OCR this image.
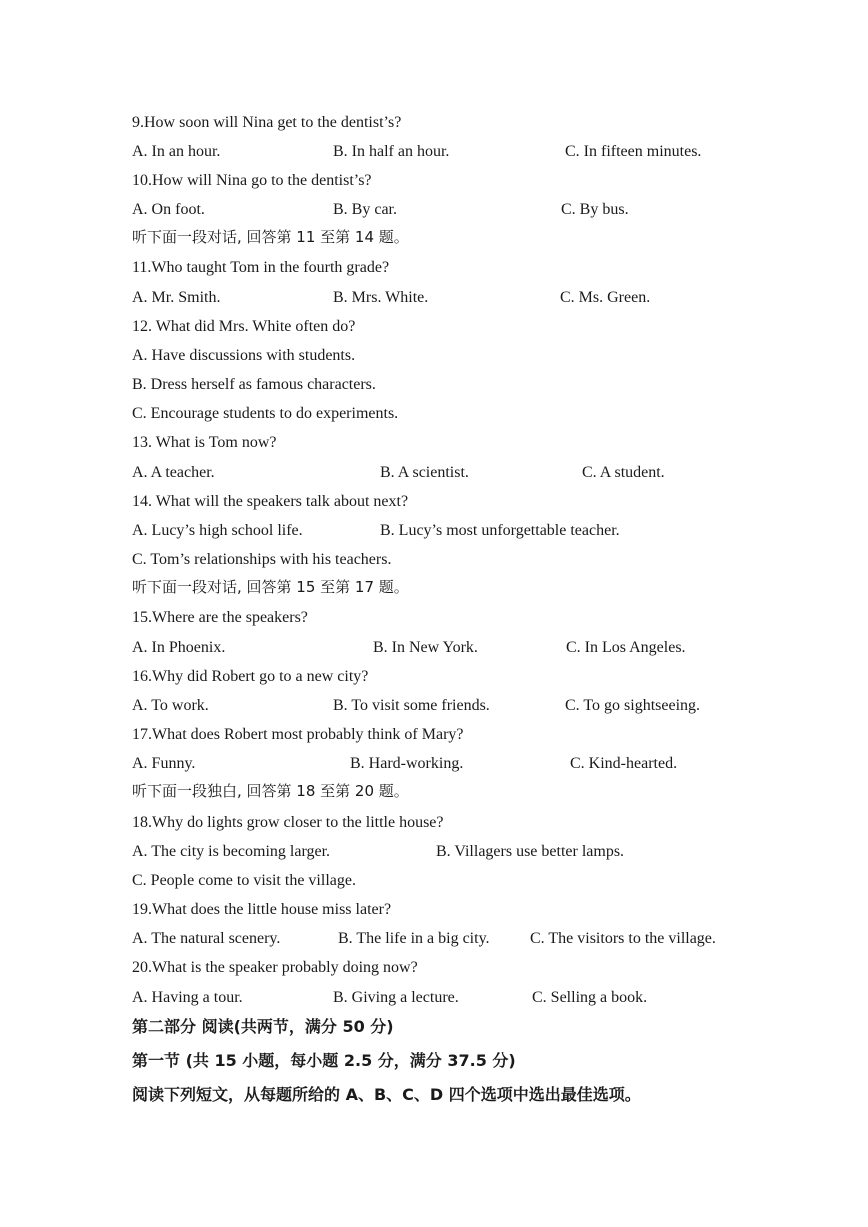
9.How soon will Nina get to the dentist’s?
A. In an hour.	B. In half an hour.	C. In fifteen minutes.
10.How will Nina go to the dentist’s?
A. On foot.	B. By car.	C. By bus.
听下面一段对话, 回答第 11 至第 14 题。
11.Who taught Tom in the fourth grade?
A. Mr. Smith.	B. Mrs. White.	C. Ms. Green.
12. What did Mrs. White often do?
A. Have discussions with students.
B. Dress herself as famous characters.
C. Encourage students to do experiments.
13. What is Tom now?
A. A teacher.	B. A scientist.	C. A student.
14. What will the speakers talk about next?
A. Lucy’s high school life.	B. Lucy’s most unforgettable teacher.
C. Tom’s relationships with his teachers.
听下面一段对话, 回答第 15 至第 17 题。
15.Where are the speakers?
A. In Phoenix.	B. In New York.	C. In Los Angeles.
16.Why did Robert go to a new city?
A. To work.	B. To visit some friends.	C. To go sightseeing.
17.What does Robert most probably think of Mary?
A. Funny.	B. Hard-working.	C. Kind-hearted.
听下面一段独白, 回答第 18 至第 20 题。
18.Why do lights grow closer to the little house?
A. The city is becoming larger.	B. Villagers use better lamps.
C. People come to visit the village.
19.What does the little house miss later?
A. The natural scenery.	B. The life in a big city.	C. The visitors to the village.
20.What is the speaker probably doing now?
A. Having a tour.	B. Giving a lecture.	C. Selling a book.
第二部分 阅读(共两节，满分 50 分)
第一节 (共 15 小题，每小题 2.5 分，满分 37.5 分)
阅读下列短文，从每题所给的 A、B、C、D 四个选项中选出最佳选项。
